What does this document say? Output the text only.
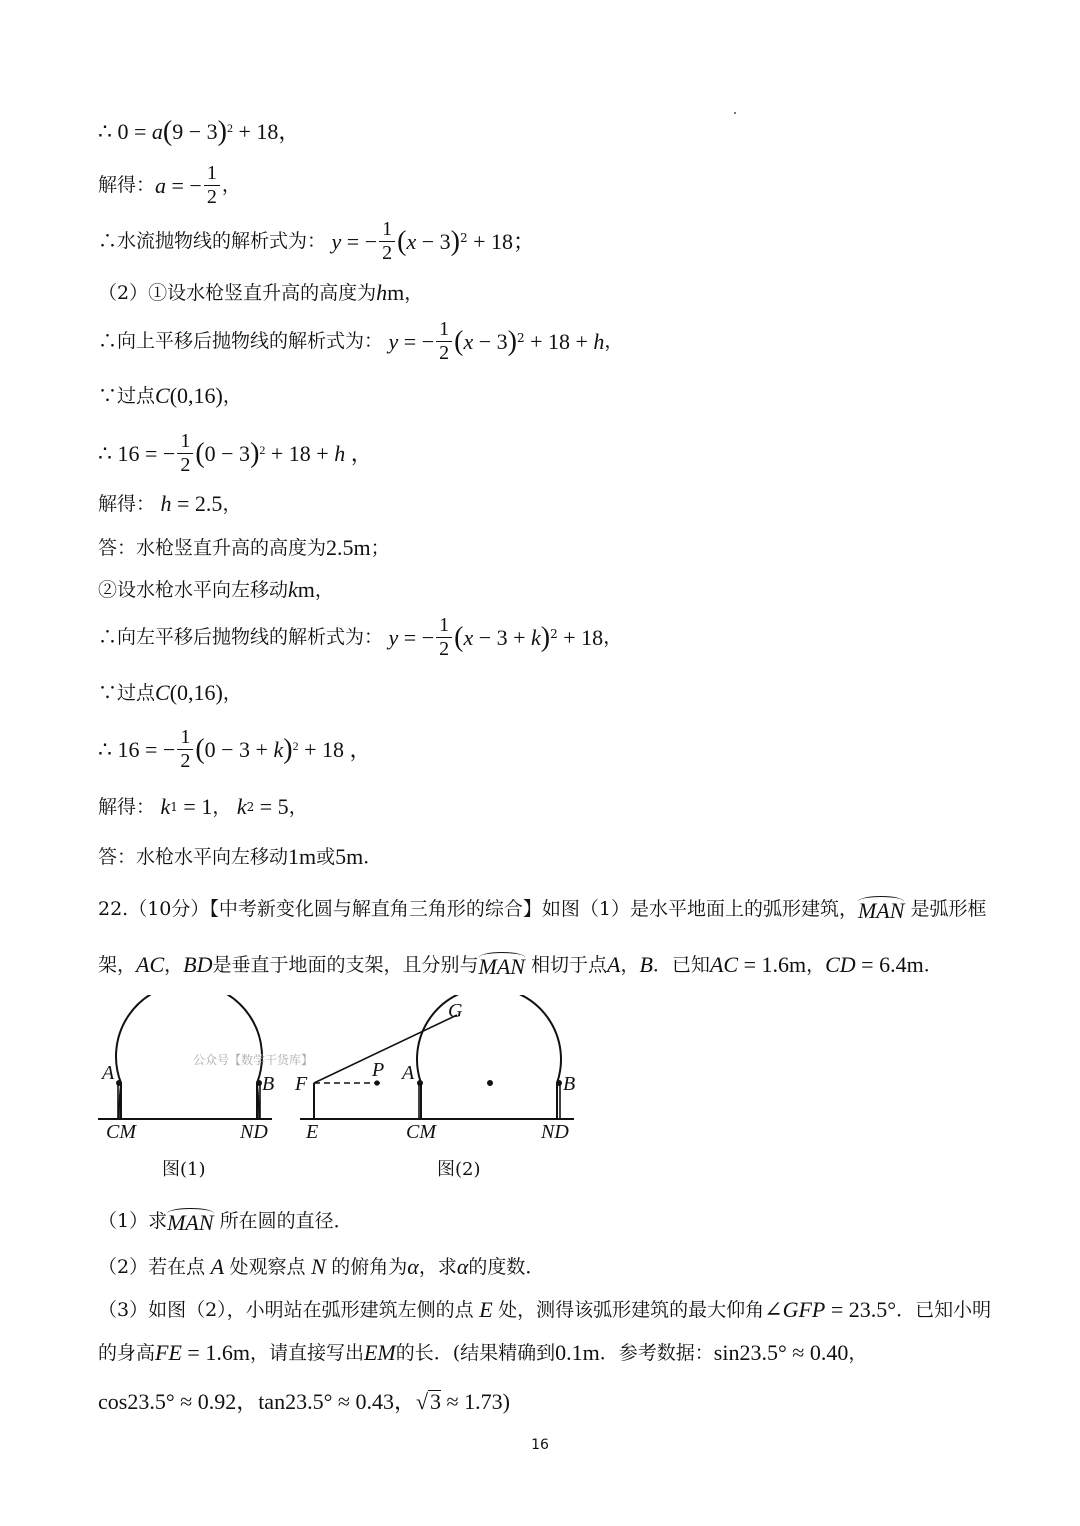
∴ 0 = a ( 9 − 3 )$^2$ + 18，
解得： a = − $\frac{1}{2}$ ，
∴水流抛物线的解析式为： y = − $\frac{1}{2}$ ( x − 3 )$^2$ + 18；
（2）①设水枪竖直升高的高度为 h m ，
∴向上平移后抛物线的解析式为： y = − $\frac{1}{2}$ ( x − 3 )$^2$ + 18 + h ，
∵过点 C (0,16) ，
∴ 16 = − $\frac{1}{2}$ ( 0 − 3 )$^2$ + 18 + h ，
解得： h = 2.5 ，
答：水枪竖直升高的高度为 2.5m ；
②设水枪水平向左移动 k m ，
∴向左平移后抛物线的解析式为： y = − $\frac{1}{2}$ ( x − 3 + k )$^2$ + 18 ，
∵过点 C (0,16) ，
∴ 16 = − $\frac{1}{2}$ ( 0 − 3 + k )$^2$ + 18 ，
解得： k 1 = 1 ， k 2 = 5 ，
答：水枪水平向左移动 1m 或 5m ．
22.（10分）【中考新变化圆与解直角三角形的综合】如图（1）是水平地面上的弧形建筑， MAN 是弧形框
架， AC ， BD 是垂直于地面的支架，且分别与 MAN 相切于点 A ， B ．已知 AC = 1.6m ， CD = 6.4m ．
A	B
CM	ND
G
F
P A	B
E	CM	ND
图(1)	图(2)
公众号【数学干货库】
（1）求 MAN 所在圆的直径．
（2）若在点 A 处观察点 N 的俯角为 α ，求 α 的度数．
（3）如图（2），小明站在弧形建筑左侧的点 E 处，测得该弧形建筑的最大仰角 ∠ GFP = 23.5° ．已知小明
的身高 FE = 1.6m ，请直接写出 EM 的长．(结果精确到 0.1m ．参考数据： sin23.5° ≈ 0.40 ，
cos23.5° ≈ 0.92，tan23.5° ≈ 0.43， √ 3 ≈ 1.73)
16
